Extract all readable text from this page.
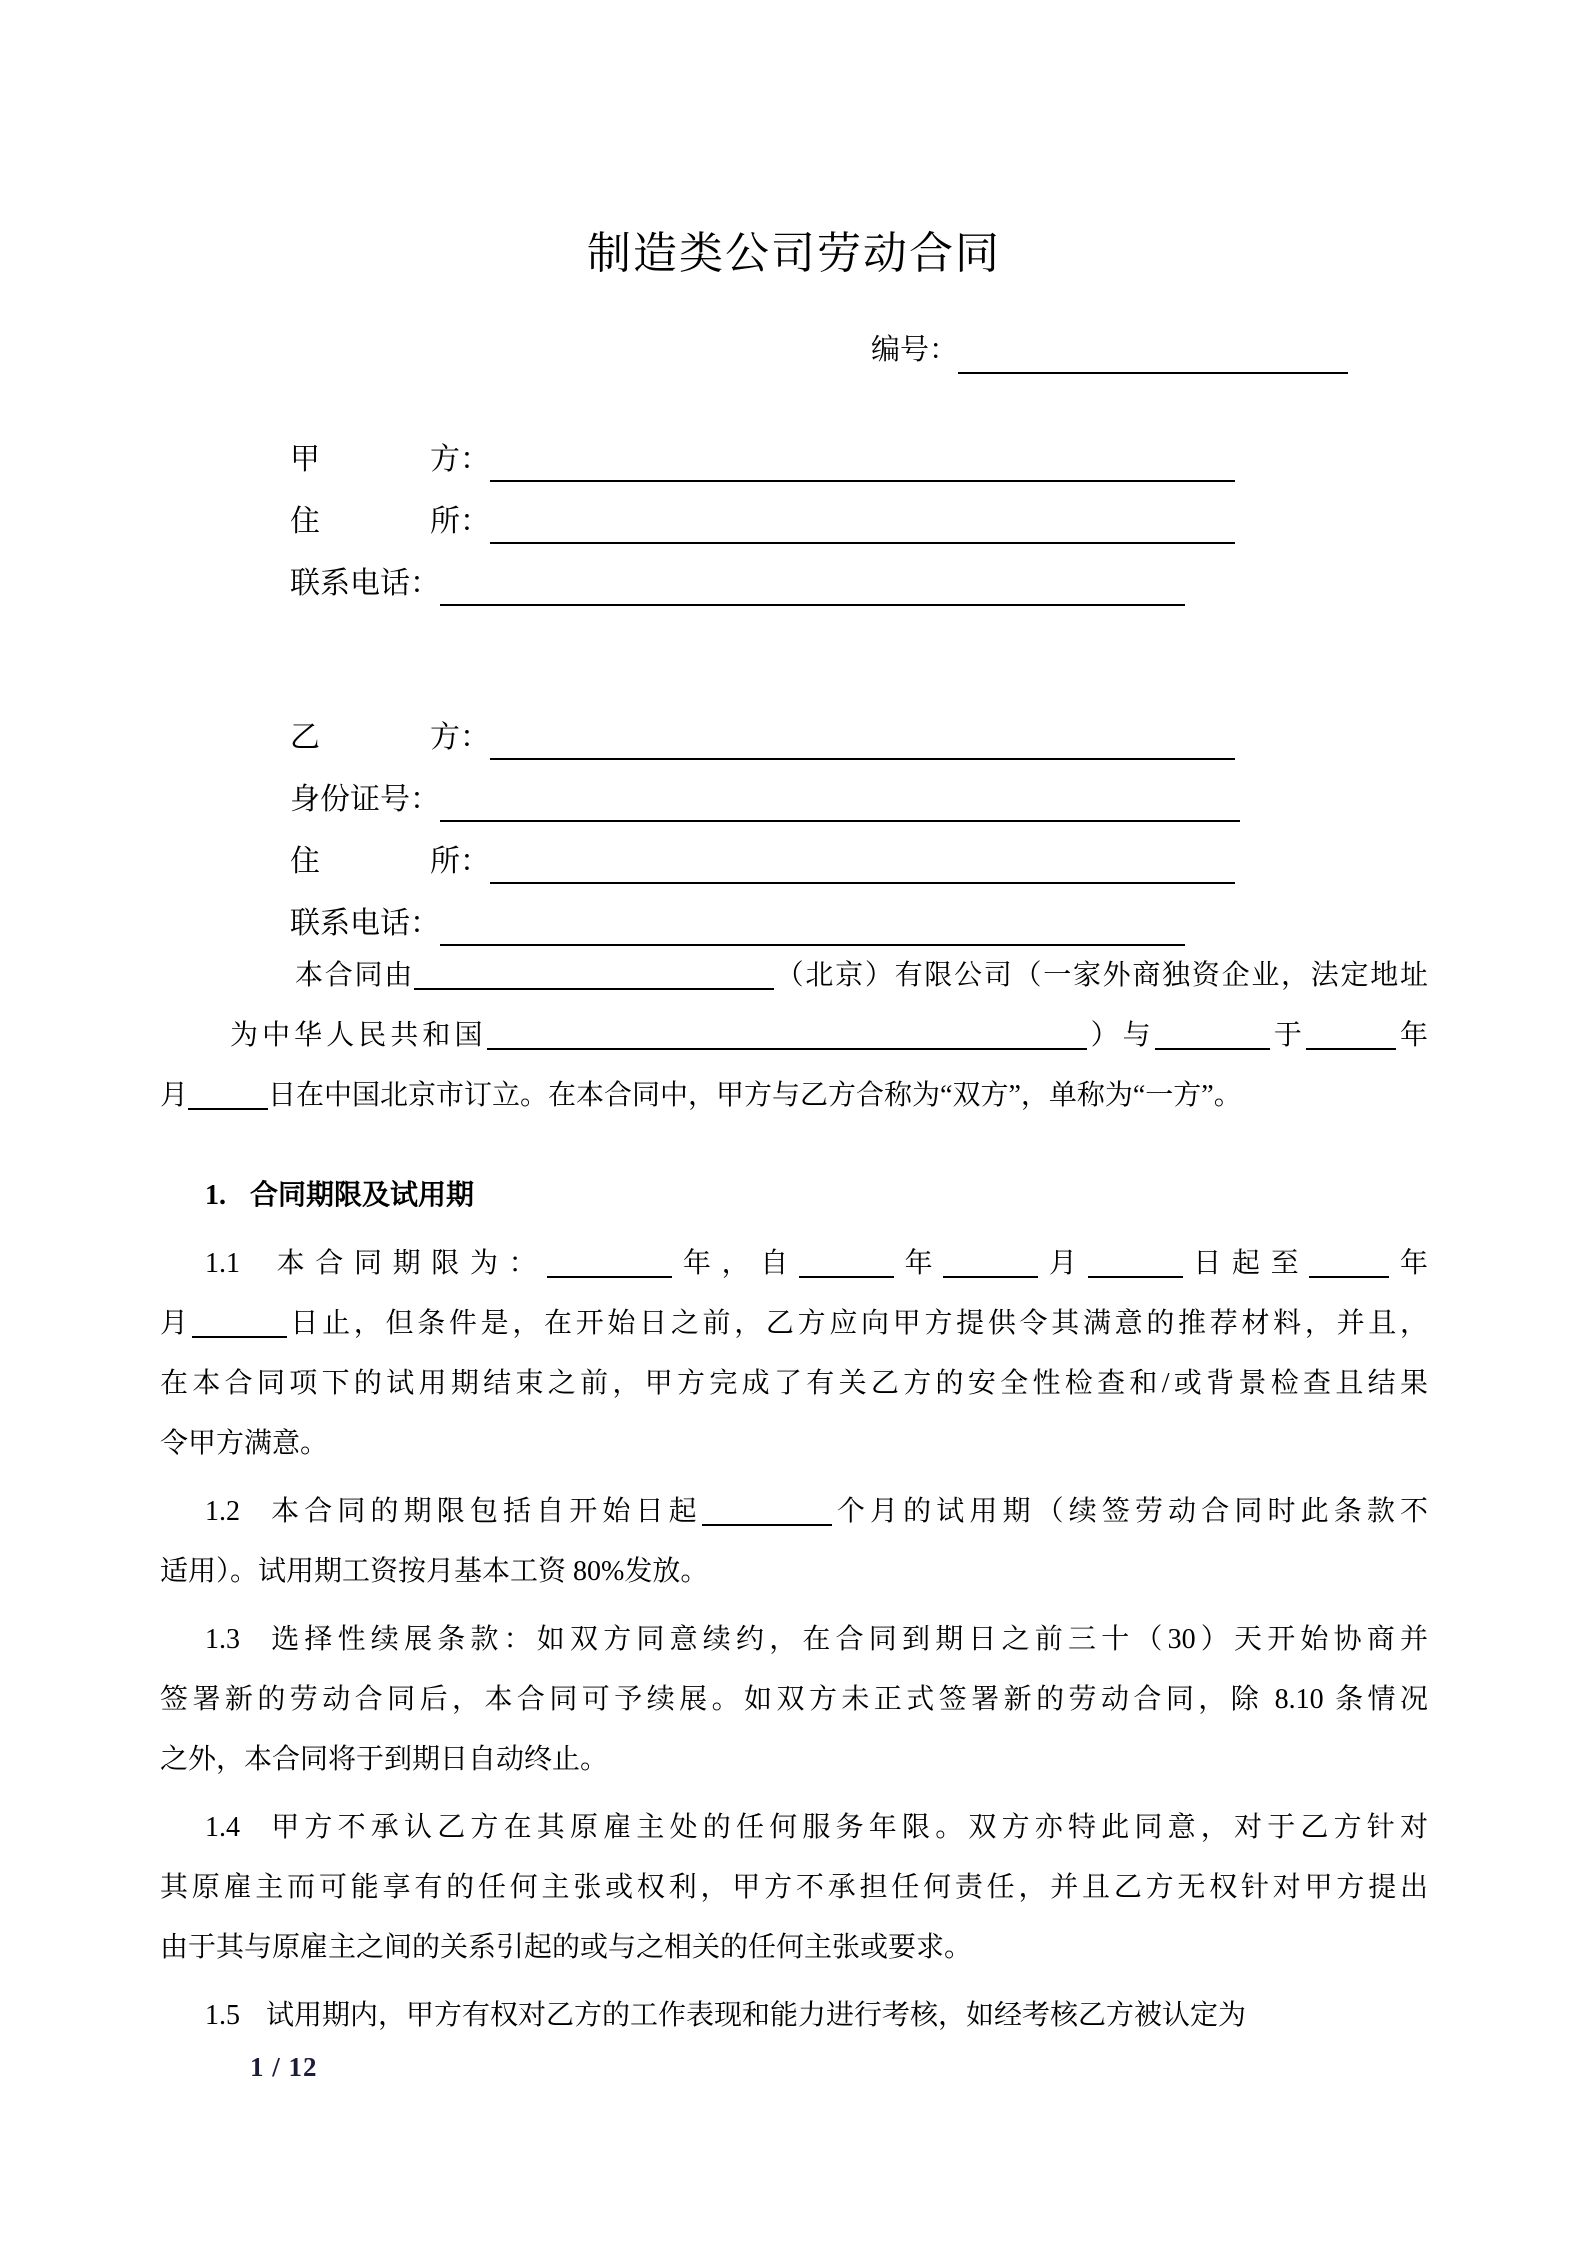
制造类公司劳动合同
编号：
甲	方：
住	所：
联系电话：
乙	方：
身份证号：
住	所：
联系电话：
本合同由	（北京）有限公司（一家外商独资企业，法定地址
为中华人民共和国	）与	于	年
月	日在中国北京市订立。在本合同中，甲方与乙方合称为“双方”，单称为“一方”。
1. 合同期限及试用期
1.1 本合同期限为：	年，自	年	月	日起至	年
月	日止，但条件是，在开始日之前，乙方应向甲方提供令其满意的推荐材料，并且，
在本合同项下的试用期结束之前，甲方完成了有关乙方的安全性检查和/或背景检查且结果
令甲方满意。
1.2 本合同的期限包括自开始日起	个月的试用期（续签劳动合同时此条款不
适用）。试用期工资按月基本工资 80%发放。
1.3 选择性续展条款：如双方同意续约，在合同到期日之前三十（30）天开始协商并
签署新的劳动合同后，本合同可予续展。如双方未正式签署新的劳动合同，除 8.10 条情况
之外，本合同将于到期日自动终止。
1.4 甲方不承认乙方在其原雇主处的任何服务年限。双方亦特此同意，对于乙方针对
其原雇主而可能享有的任何主张或权利，甲方不承担任何责任，并且乙方无权针对甲方提出
由于其与原雇主之间的关系引起的或与之相关的任何主张或要求。
1.5 试用期内，甲方有权对乙方的工作表现和能力进行考核，如经考核乙方被认定为
1 / 12
